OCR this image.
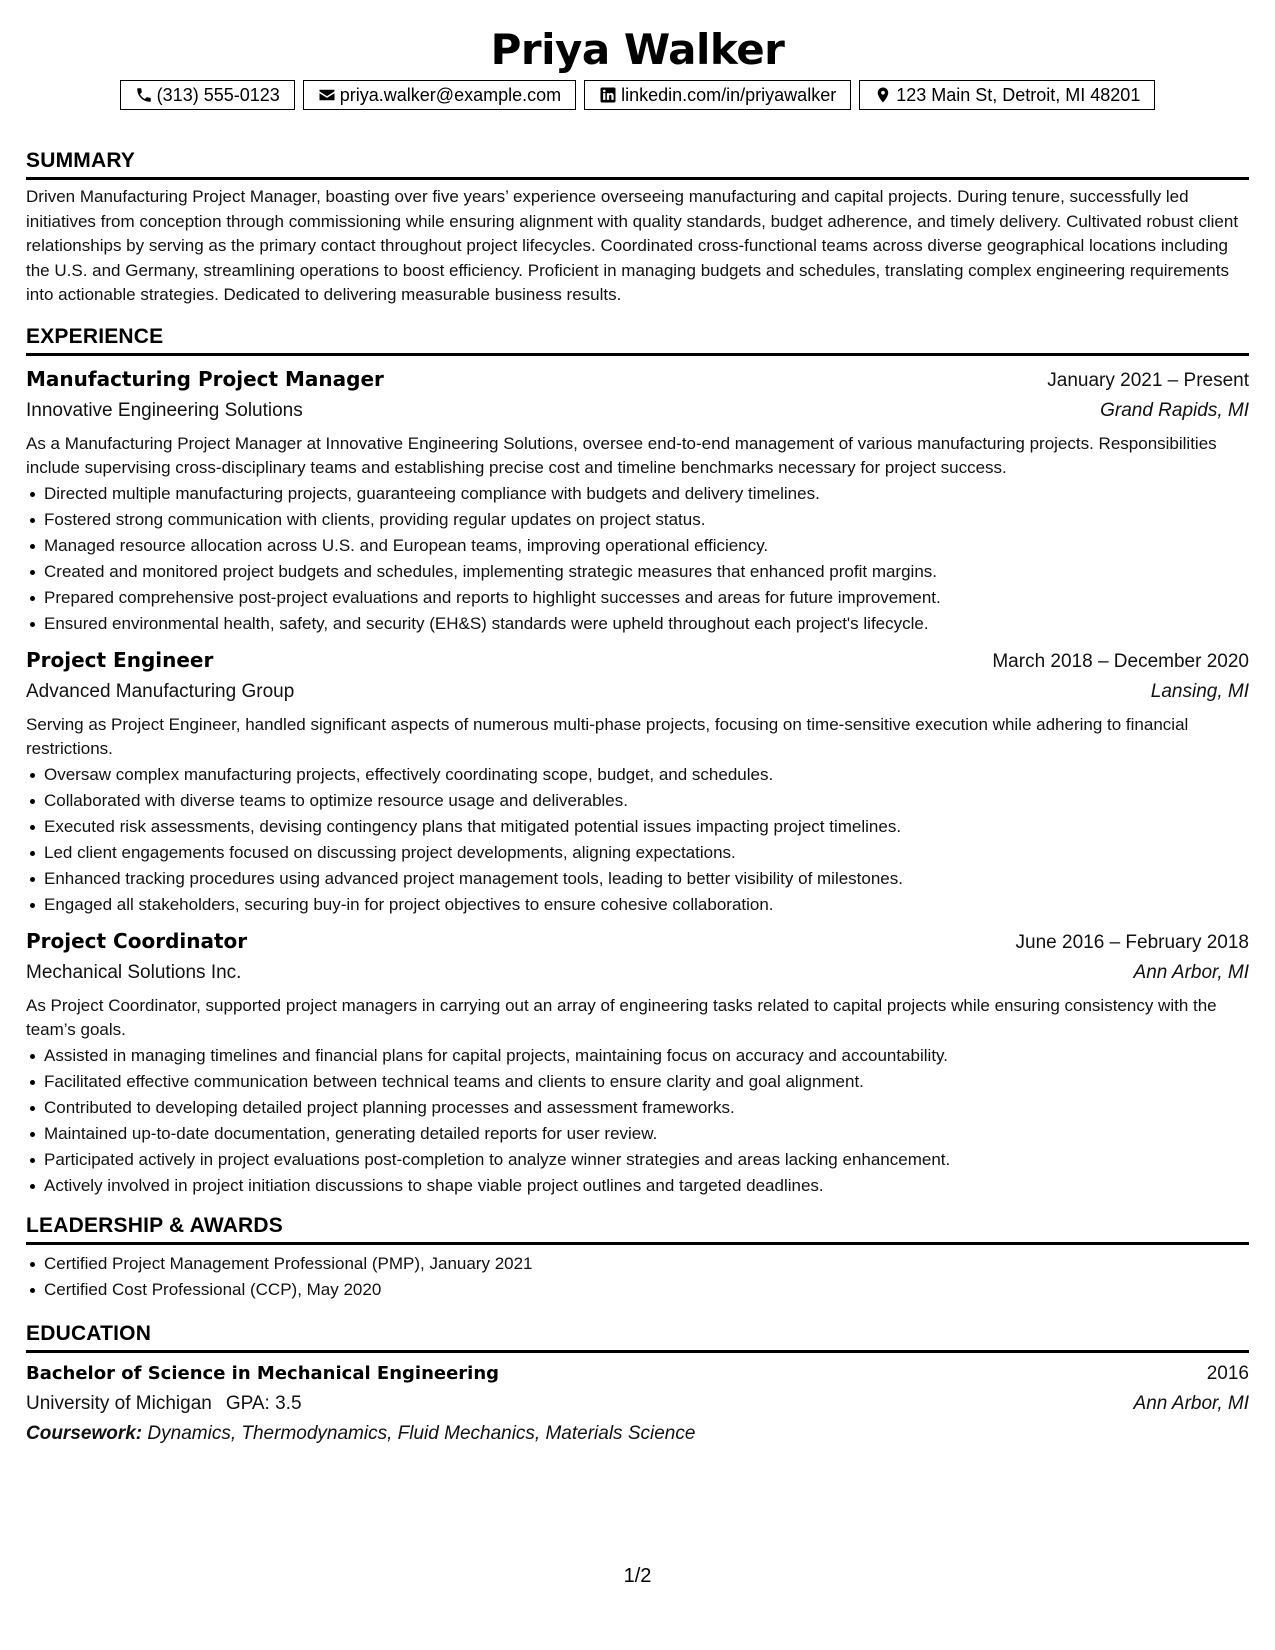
Priya Walker
(313) 555-0123	priya.walker@example.com	linkedin.com/in/priyawalker	123 Main St, Detroit, MI 48201
SUMMARY

Driven Manufacturing Project Manager, boasting over five years’ experience overseeing manufacturing and capital projects. During tenure, successfully led initiatives from conception through commissioning while ensuring alignment with quality standards, budget adherence, and timely delivery. Cultivated robust client relationships by serving as the primary contact throughout project lifecycles. Coordinated cross-functional teams across diverse geographical locations including the U.S. and Germany, streamlining operations to boost efficiency. Proficient in managing budgets and schedules, translating complex engineering requirements into actionable strategies. Dedicated to delivering measurable business results.

EXPERIENCE
Manufacturing Project Manager	January 2021 – Present
Innovative Engineering Solutions	Grand Rapids, MI

As a Manufacturing Project Manager at Innovative Engineering Solutions, oversee end-to-end management of various manufacturing projects. Responsibilities include supervising cross-disciplinary teams and establishing precise cost and timeline benchmarks necessary for project success.

Directed multiple manufacturing projects, guaranteeing compliance with budgets and delivery timelines.
Fostered strong communication with clients, providing regular updates on project status.
Managed resource allocation across U.S. and European teams, improving operational efficiency.
Created and monitored project budgets and schedules, implementing strategic measures that enhanced profit margins.
Prepared comprehensive post-project evaluations and reports to highlight successes and areas for future improvement.
Ensured environmental health, safety, and security (EH&S) standards were upheld throughout each project's lifecycle.
Project Engineer	March 2018 – December 2020
Advanced Manufacturing Group	Lansing, MI

Serving as Project Engineer, handled significant aspects of numerous multi-phase projects, focusing on time-sensitive execution while adhering to financial restrictions.

Oversaw complex manufacturing projects, effectively coordinating scope, budget, and schedules.
Collaborated with diverse teams to optimize resource usage and deliverables.
Executed risk assessments, devising contingency plans that mitigated potential issues impacting project timelines.
Led client engagements focused on discussing project developments, aligning expectations.
Enhanced tracking procedures using advanced project management tools, leading to better visibility of milestones.
Engaged all stakeholders, securing buy-in for project objectives to ensure cohesive collaboration.
Project Coordinator	June 2016 – February 2018
Mechanical Solutions Inc.	Ann Arbor, MI

As Project Coordinator, supported project managers in carrying out an array of engineering tasks related to capital projects while ensuring consistency with the team’s goals.

Assisted in managing timelines and financial plans for capital projects, maintaining focus on accuracy and accountability.
Facilitated effective communication between technical teams and clients to ensure clarity and goal alignment.
Contributed to developing detailed project planning processes and assessment frameworks.
Maintained up-to-date documentation, generating detailed reports for user review.
Participated actively in project evaluations post-completion to analyze winner strategies and areas lacking enhancement.
Actively involved in project initiation discussions to shape viable project outlines and targeted deadlines.
LEADERSHIP & AWARDS
Certified Project Management Professional (PMP), January 2021
Certified Cost Professional (CCP), May 2020
EDUCATION
Bachelor of Science in Mechanical Engineering	2016
University of Michigan GPA: 3.5	Ann Arbor, MI
Coursework: Dynamics, Thermodynamics, Fluid Mechanics, Materials Science
1/2
